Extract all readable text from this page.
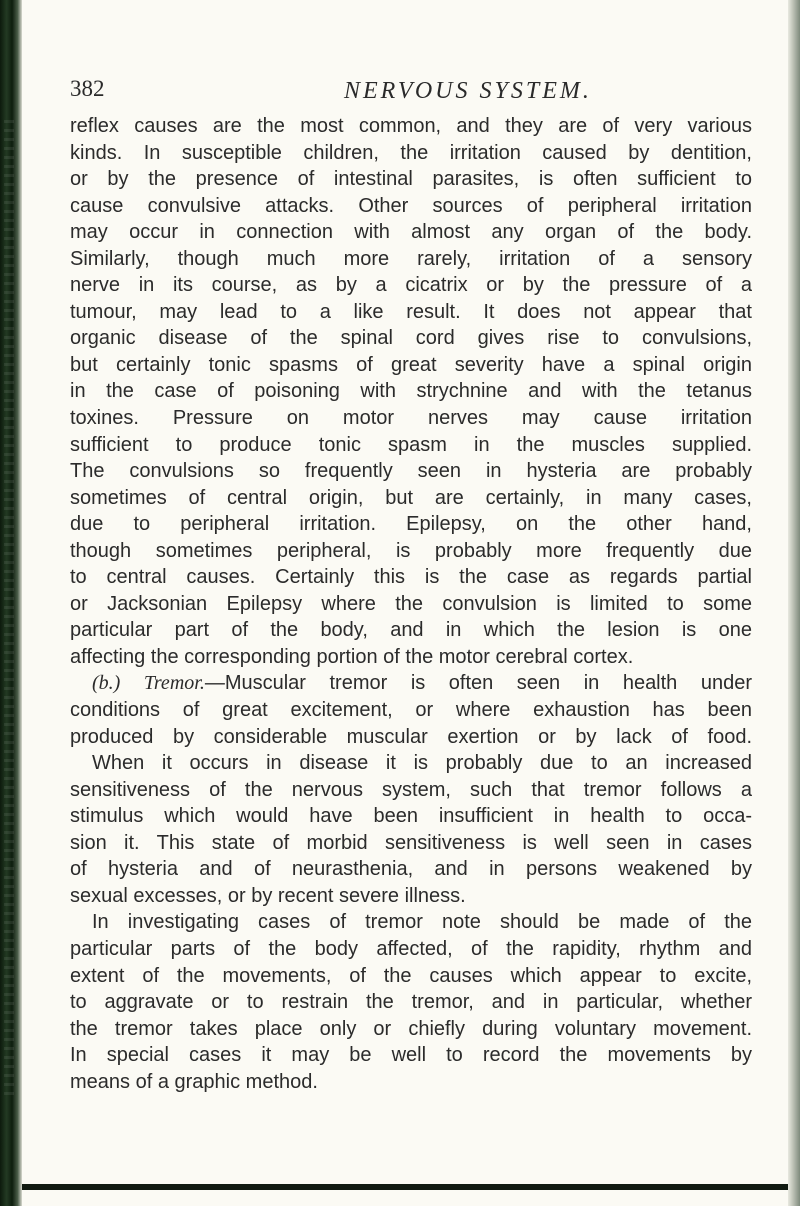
382	NERVOUS SYSTEM.
reflex causes are the most common, and they are of very various
kinds. In susceptible children, the irritation caused by dentition,
or by the presence of intestinal parasites, is often sufficient to
cause convulsive attacks. Other sources of peripheral irritation
may occur in connection with almost any organ of the body.
Similarly, though much more rarely, irritation of a sensory
nerve in its course, as by a cicatrix or by the pressure of a
tumour, may lead to a like result. It does not appear that
organic disease of the spinal cord gives rise to convulsions,
but certainly tonic spasms of great severity have a spinal origin
in the case of poisoning with strychnine and with the tetanus
toxines. Pressure on motor nerves may cause irritation
sufficient to produce tonic spasm in the muscles supplied.
The convulsions so frequently seen in hysteria are probably
sometimes of central origin, but are certainly, in many cases,
due to peripheral irritation. Epilepsy, on the other hand,
though sometimes peripheral, is probably more frequently due
to central causes. Certainly this is the case as regards partial
or Jacksonian Epilepsy where the convulsion is limited to some
particular part of the body, and in which the lesion is one
affecting the corresponding portion of the motor cerebral cortex.
(b.) Tremor.—Muscular tremor is often seen in health under
conditions of great excitement, or where exhaustion has been
produced by considerable muscular exertion or by lack of food.
When it occurs in disease it is probably due to an increased
sensitiveness of the nervous system, such that tremor follows a
stimulus which would have been insufficient in health to occa-
sion it. This state of morbid sensitiveness is well seen in cases
of hysteria and of neurasthenia, and in persons weakened by
sexual excesses, or by recent severe illness.
In investigating cases of tremor note should be made of the
particular parts of the body affected, of the rapidity, rhythm and
extent of the movements, of the causes which appear to excite,
to aggravate or to restrain the tremor, and in particular, whether
the tremor takes place only or chiefly during voluntary movement.
In special cases it may be well to record the movements by
means of a graphic method.
